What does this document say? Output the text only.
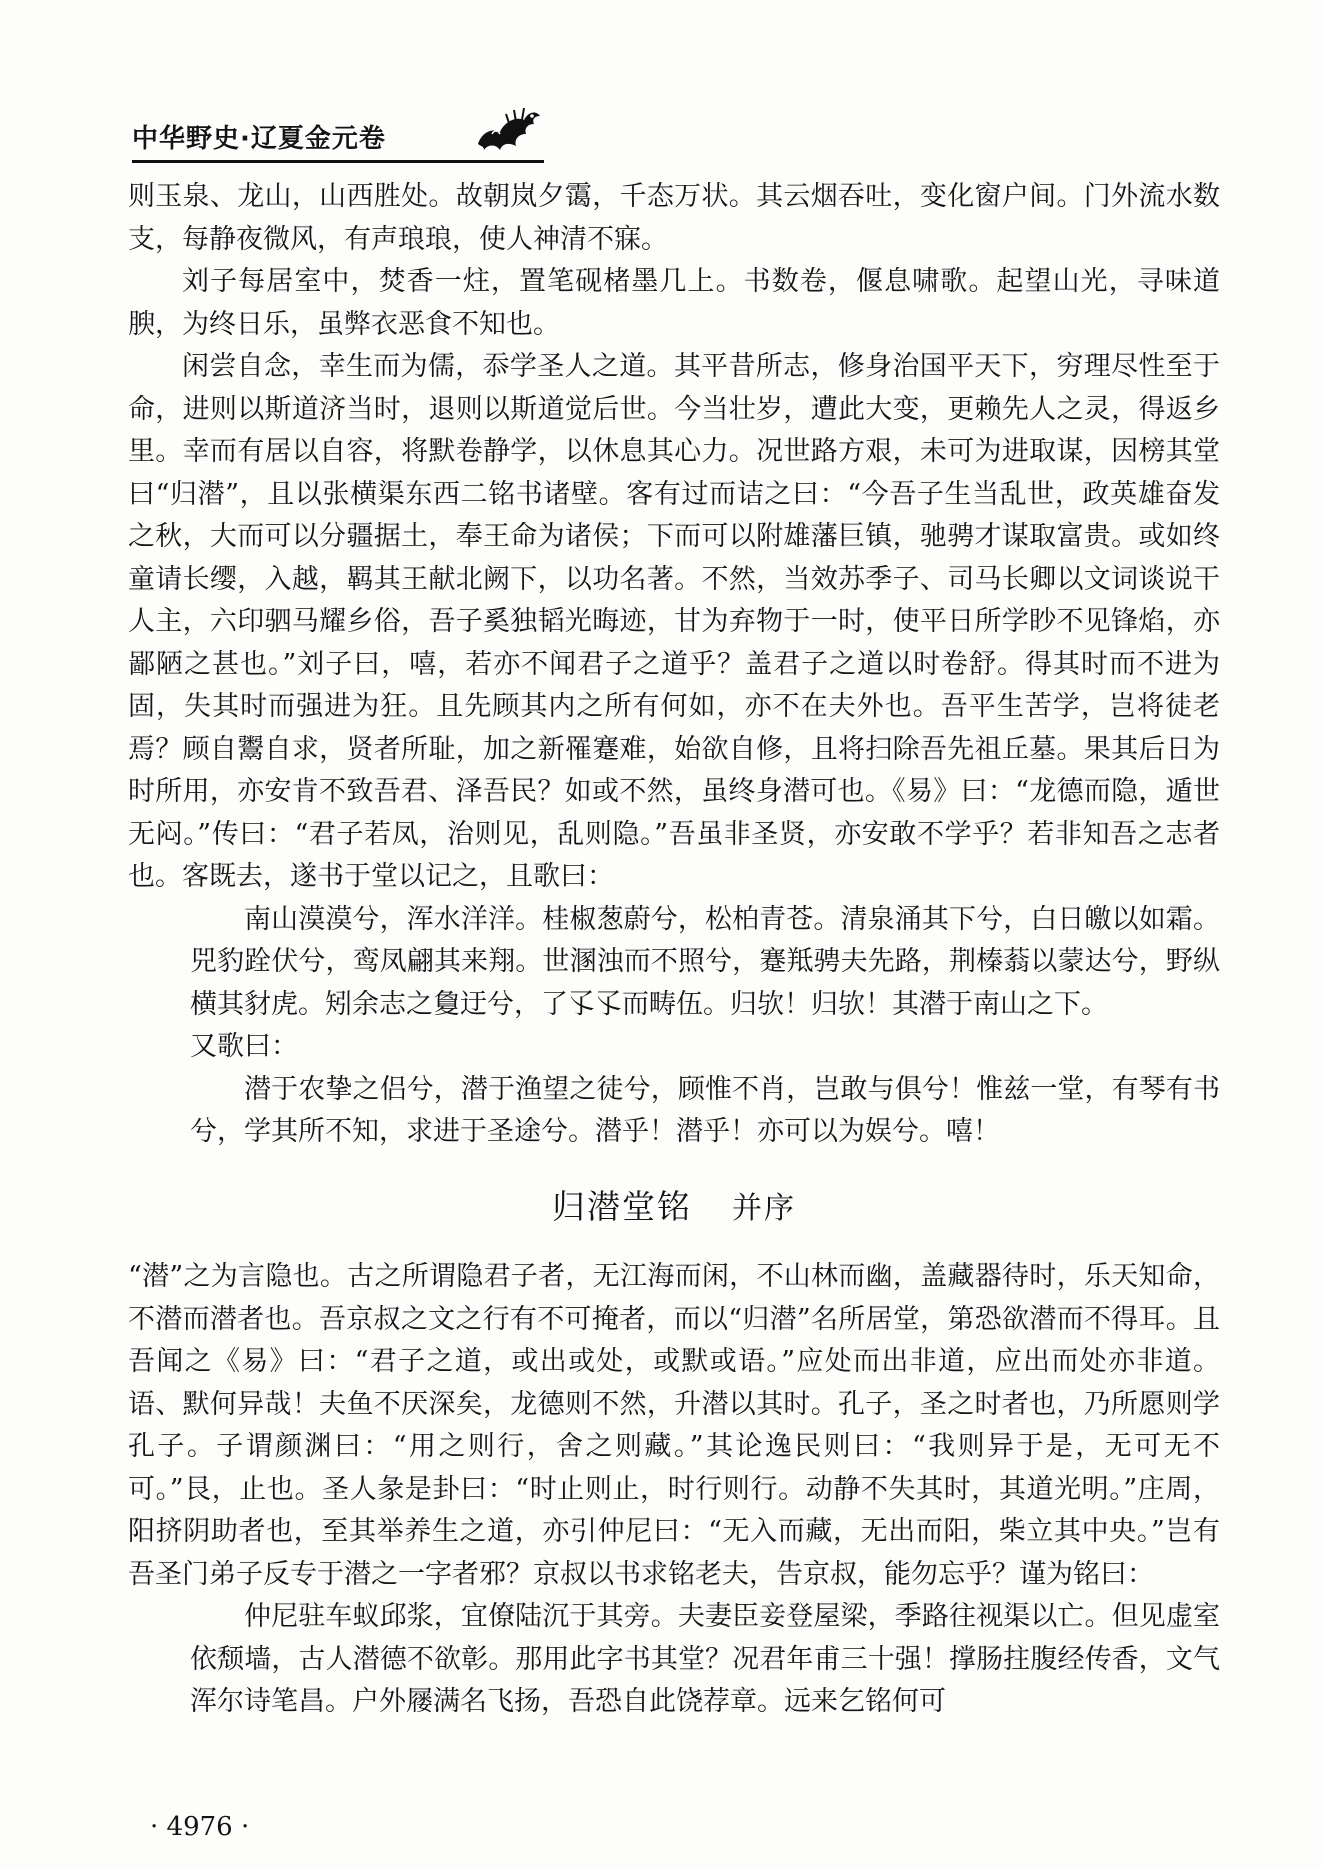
中华野史·辽夏金元卷

则玉泉、龙山，山西胜处。故朝岚夕霭，千态万状。其云烟吞吐，变化窗户间。门外流水数支，每静夜微风，有声琅琅，使人神清不寐。

刘子每居室中，焚香一炷，置笔砚楮墨几上。书数卷，偃息啸歌。起望山光，寻味道腴，为终日乐，虽弊衣恶食不知也。

闲尝自念，幸生而为儒，忝学圣人之道。其平昔所志，修身治国平天下，穷理尽性至于命，进则以斯道济当时，退则以斯道觉后世。今当壮岁，遭此大变，更赖先人之灵，得返乡里。幸而有居以自容，将默卷静学，以休息其心力。况世路方艰，未可为进取谋，因榜其堂曰“归潜”，且以张横渠东西二铭书诸壁。客有过而诘之曰：“今吾子生当乱世，政英雄奋发之秋，大而可以分疆据土，奉王命为诸侯；下而可以附雄藩巨镇，驰骋才谋取富贵。或如终童请长缨，入越，羁其王献北阙下，以功名著。不然，当效苏季子、司马长卿以文词谈说干人主，六印驷马耀乡俗，吾子奚独韬光晦迹，甘为弃物于一时，使平日所学眇不见锋焰，亦鄙陋之甚也。”刘子曰，嘻，若亦不闻君子之道乎？盖君子之道以时卷舒。得其时而不进为固，失其时而强进为狂。且先顾其内之所有何如，亦不在夫外也。吾平生苦学，岂将徒老焉？顾自鬻自求，贤者所耻，加之新罹蹇难，始欲自修，且将扫除吾先祖丘墓。果其后日为时所用，亦安肯不致吾君、泽吾民？如或不然，虽终身潜可也。《易》曰：“龙德而隐，遁世无闷。”传曰：“君子若凤，治则见，乱则隐。”吾虽非圣贤，亦安敢不学乎？若非知吾之志者也。客既去，遂书于堂以记之，且歌曰：

南山漠漠兮，浑水洋洋。桂椒葱蔚兮，松柏青苍。清泉涌其下兮，白日皦以如霜。兕豹跧伏兮，鸾凤翩其来翔。世溷浊而不照兮，蹇羝骋夫先路，荆榛蓊以蒙达兮，野纵横其豺虎。矧余志之敻迂兮，了孓孓而畴伍。归欤！归欤！其潜于南山之下。

又歌曰：

潜于农挚之侣兮，潜于渔望之徒兮，顾惟不肖，岂敢与俱兮！惟兹一堂，有琴有书兮，学其所不知，求进于圣途兮。潜乎！潜乎！亦可以为娱兮。嘻！

归潜堂铭 并序

“潜”之为言隐也。古之所谓隐君子者，无江海而闲，不山林而幽，盖藏器待时，乐天知命，不潜而潜者也。吾京叔之文之行有不可掩者，而以“归潜”名所居堂，第恐欲潜而不得耳。且吾闻之《易》曰：“君子之道，或出或处，或默或语。”应处而出非道，应出而处亦非道。语、默何异哉！夫鱼不厌深矣，龙德则不然，升潜以其时。孔子，圣之时者也，乃所愿则学孔子。子谓颜渊曰：“用之则行，舍之则藏。”其论逸民则曰：“我则异于是，无可无不可。”艮，止也。圣人彖是卦曰：“时止则止，时行则行。动静不失其时，其道光明。”庄周，阳挤阴助者也，至其举养生之道，亦引仲尼曰：“无入而藏，无出而阳，柴立其中央。”岂有吾圣门弟子反专于潜之一字者邪？京叔以书求铭老夫，告京叔，能勿忘乎？谨为铭曰：

仲尼驻车蚁邱浆，宜僚陆沉于其旁。夫妻臣妾登屋梁，季路往视渠以亡。但见虚室依颓墙，古人潜德不欲彰。那用此字书其堂？况君年甫三十强！撑肠拄腹经传香，文气浑尔诗笔昌。户外屦满名飞扬，吾恐自此饶荐章。远来乞铭何可

· 4976 ·
